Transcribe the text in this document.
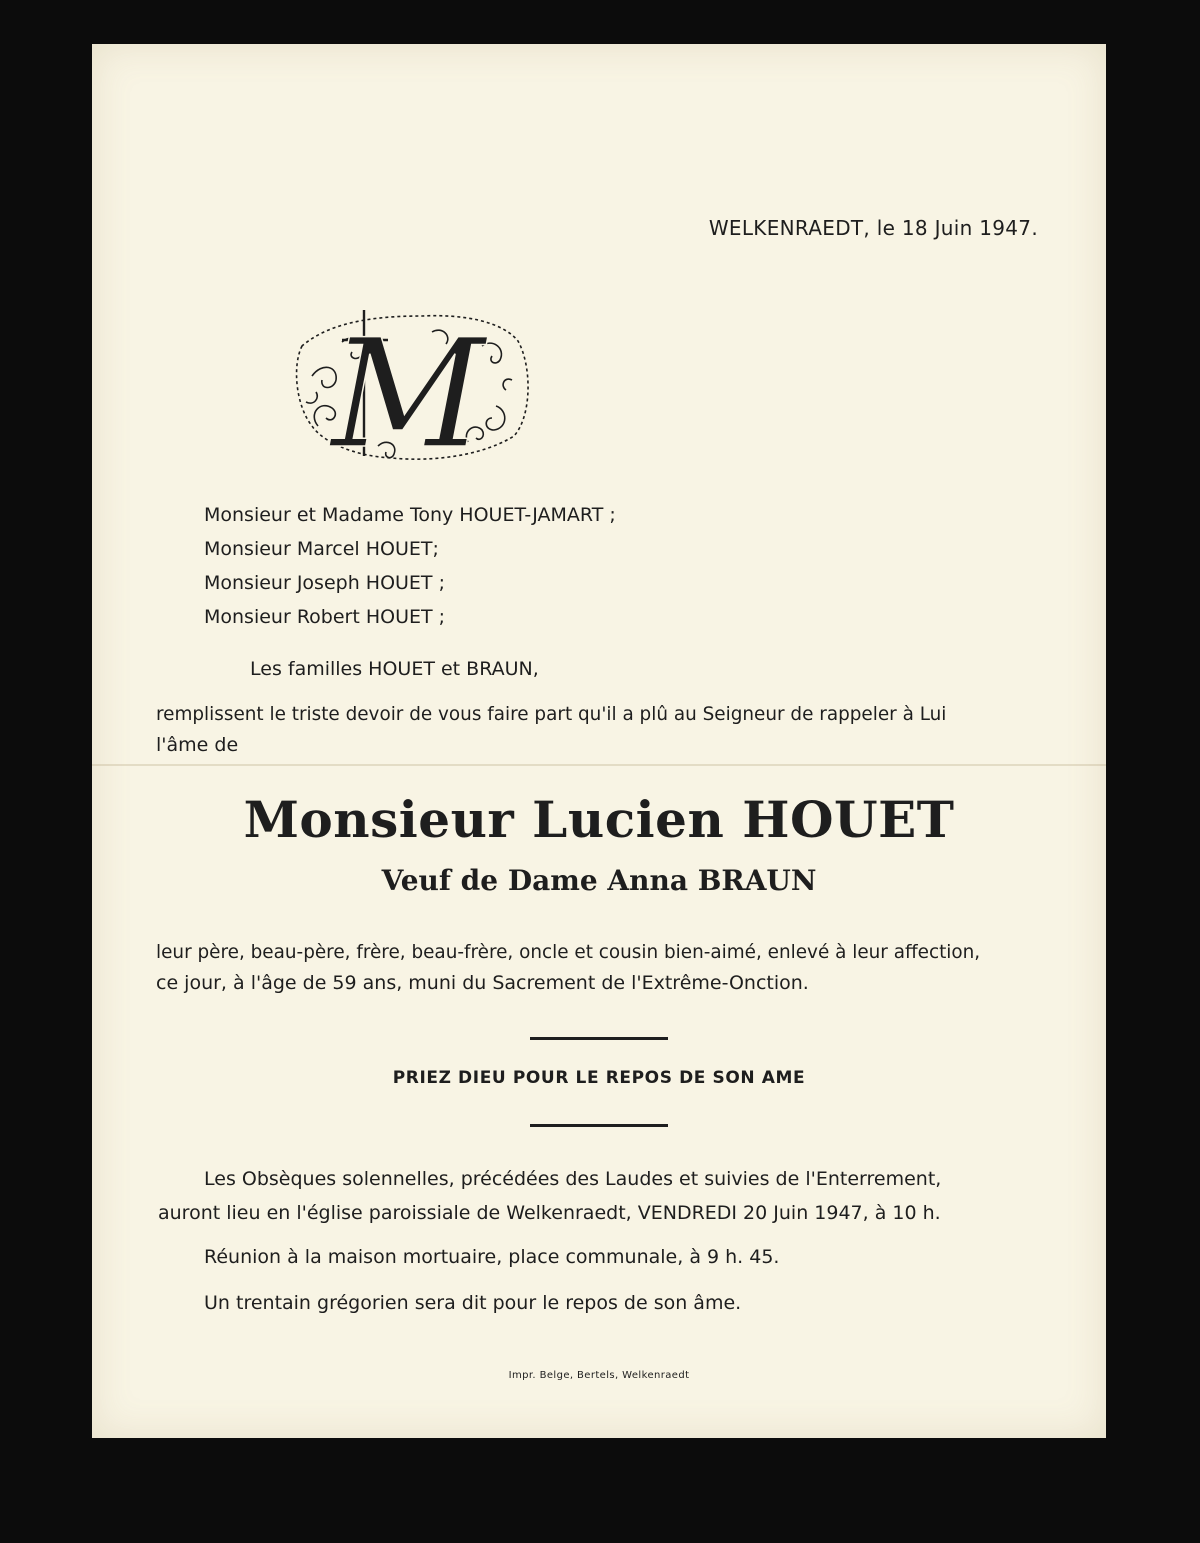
WELKENRAEDT, le 18 Juin 1947.
M
Monsieur et Madame Tony HOUET-JAMART ;
Monsieur Marcel HOUET;
Monsieur Joseph HOUET ;
Monsieur Robert HOUET ;
Les familles HOUET et BRAUN,
remplissent le triste devoir de vous faire part qu'il a plû au Seigneur de rappeler à Lui
l'âme de
Monsieur Lucien HOUET
Veuf de Dame Anna BRAUN
leur père, beau-père, frère, beau-frère, oncle et cousin bien-aimé, enlevé à leur affection,
ce jour, à l'âge de 59 ans, muni du Sacrement de l'Extrême-Onction.
PRIEZ DIEU POUR LE REPOS DE SON AME
Les Obsèques solennelles, précédées des Laudes et suivies de l'Enterrement,
auront lieu en l'église paroissiale de Welkenraedt, VENDREDI 20 Juin 1947, à 10 h.
Réunion à la maison mortuaire, place communale, à 9 h. 45.
Un trentain grégorien sera dit pour le repos de son âme.
Impr. Belge, Bertels, Welkenraedt
